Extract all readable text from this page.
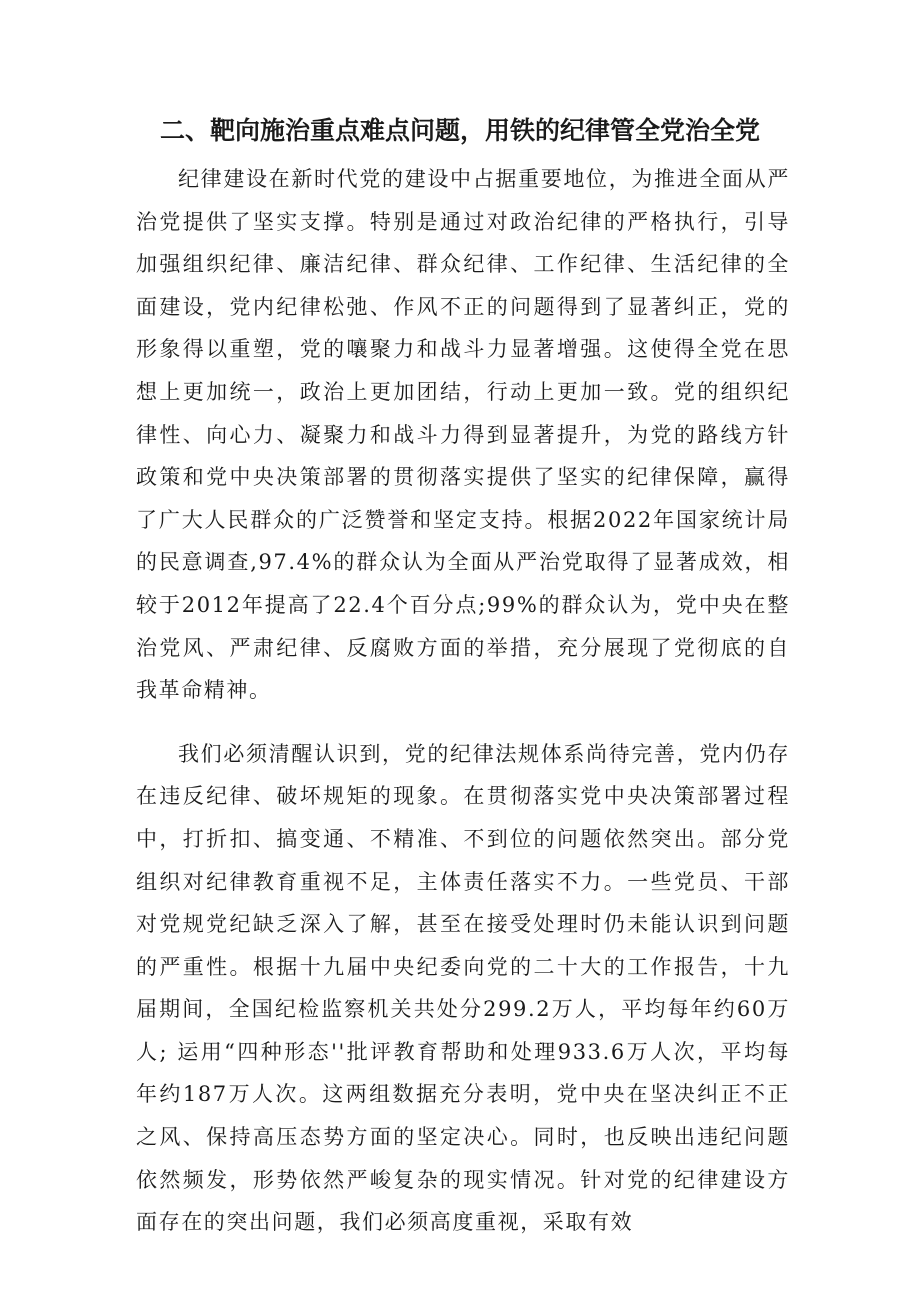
二、靶向施治重点难点问题，用铁的纪律管全党治全党

纪律建设在新时代党的建设中占据重要地位，为推进全面从严治党提供了坚实支撑。特别是通过对政治纪律的严格执行，引导加强组织纪律、廉洁纪律、群众纪律、工作纪律、生活纪律的全面建设，党内纪律松弛、作风不正的问题得到了显著纠正，党的形象得以重塑，党的嚷聚力和战斗力显著增强。这使得全党在思想上更加统一，政治上更加团结，行动上更加一致。党的组织纪律性、向心力、凝聚力和战斗力得到显著提升，为党的路线方针政策和党中央决策部署的贯彻落实提供了坚实的纪律保障，赢得了广大人民群众的广泛赞誉和坚定支持。根据2022年国家统计局的民意调查,97.4%的群众认为全面从严治党取得了显著成效，相较于2012年提高了22.4个百分点;99%的群众认为，党中央在整治党风、严肃纪律、反腐败方面的举措，充分展现了党彻底的自我革命精神。

我们必须清醒认识到，党的纪律法规体系尚待完善，党内仍存在违反纪律、破坏规矩的现象。在贯彻落实党中央决策部署过程中，打折扣、搞变通、不精准、不到位的问题依然突出。部分党组织对纪律教育重视不足，主体责任落实不力。一些党员、干部对党规党纪缺乏深入了解，甚至在接受处理时仍未能认识到问题的严重性。根据十九届中央纪委向党的二十大的工作报告，十九届期间，全国纪检监察机关共处分299.2万人，平均每年约60万人; 运用“四种形态''批评教育帮助和处理933.6万人次，平均每年约187万人次。这两组数据充分表明，党中央在坚决纠正不正之风、保持高压态势方面的坚定决心。同时，也反映出违纪问题依然频发，形势依然严峻复杂的现实情况。针对党的纪律建设方面存在的突出问题，我们必须高度重视，采取有效
